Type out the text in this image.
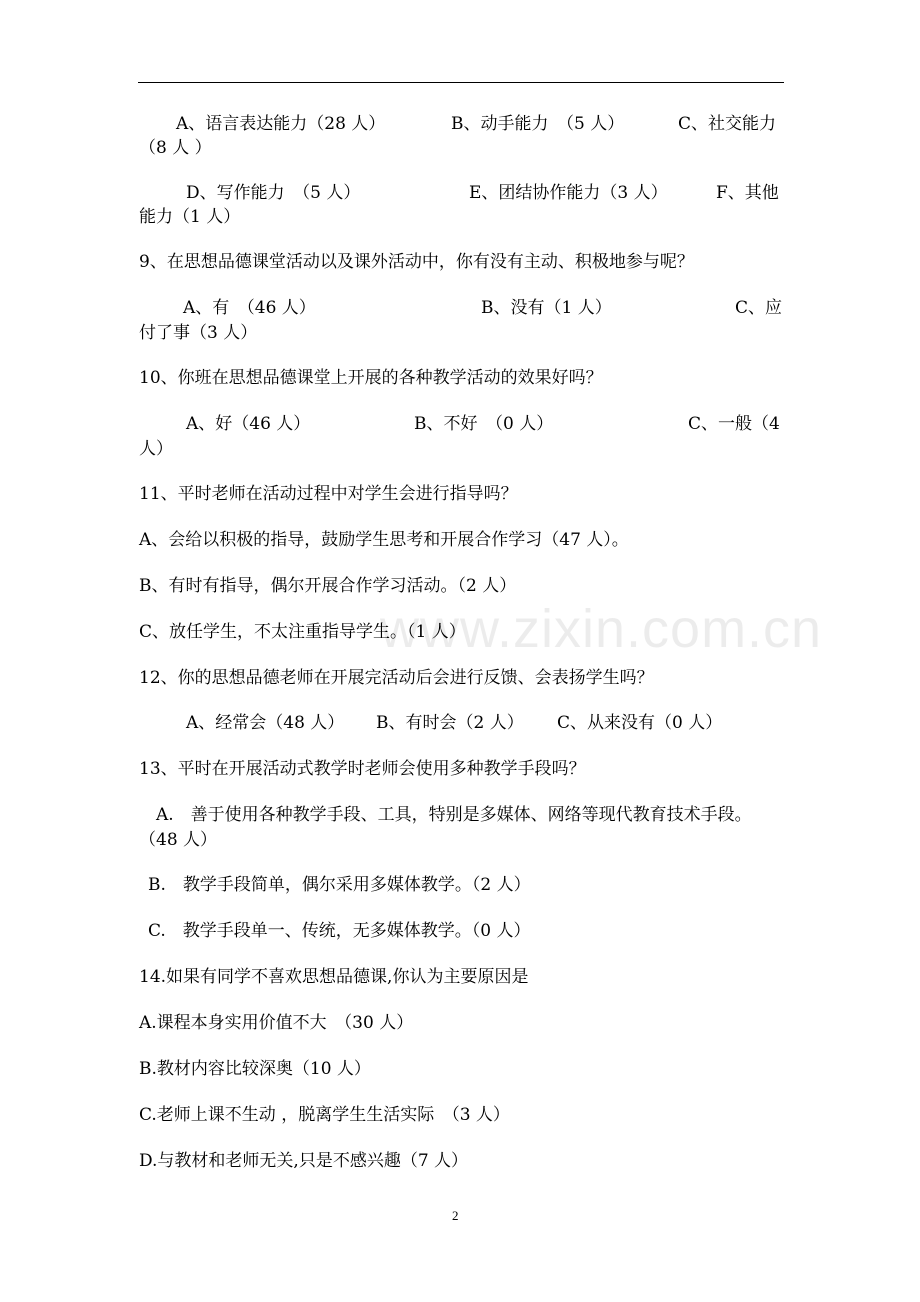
www.zixin.com.cn
A、语言表达能力（28 人）	B、动手能力　（5 人）	C、社交能力
（8 人 ）
D、写作能力　（5 人）	E、团结协作能力（3 人）	F、其他
能力（1 人）
9、在思想品德课堂活动以及课外活动中，你有没有主动、积极地参与呢？
A、有　（46 人）	B、没有（1 人）	C、应
付了事（3 人）
10、你班在思想品德课堂上开展的各种教学活动的效果好吗？
A、好（46 人）	B、不好　（0 人）	C、一般（4
人）
11、平时老师在活动过程中对学生会进行指导吗？
A、会给以积极的指导，鼓励学生思考和开展合作学习（47 人）。
B、有时有指导，偶尔开展合作学习活动。（2 人）
C、放任学生，不太注重指导学生。（1 人）
12、你的思想品德老师在开展完活动后会进行反馈、会表扬学生吗？
A、经常会（48 人） B、有时会（2 人） C、从来没有（0 人）
13、平时在开展活动式教学时老师会使用多种教学手段吗？
A.　善于使用各种教学手段、工具，特别是多媒体、网络等现代教育技术手段。
（48 人）
B.　教学手段简单，偶尔采用多媒体教学。（2 人）
C.　教学手段单一、传统，无多媒体教学。（0 人）
14.如果有同学不喜欢思想品德课,你认为主要原因是
A.课程本身实用价值不大　（30 人）
B.教材内容比较深奥（10 人）
C.老师上课不生动 ，脱离学生生活实际　（3 人）
D.与教材和老师无关,只是不感兴趣（7 人）
2
